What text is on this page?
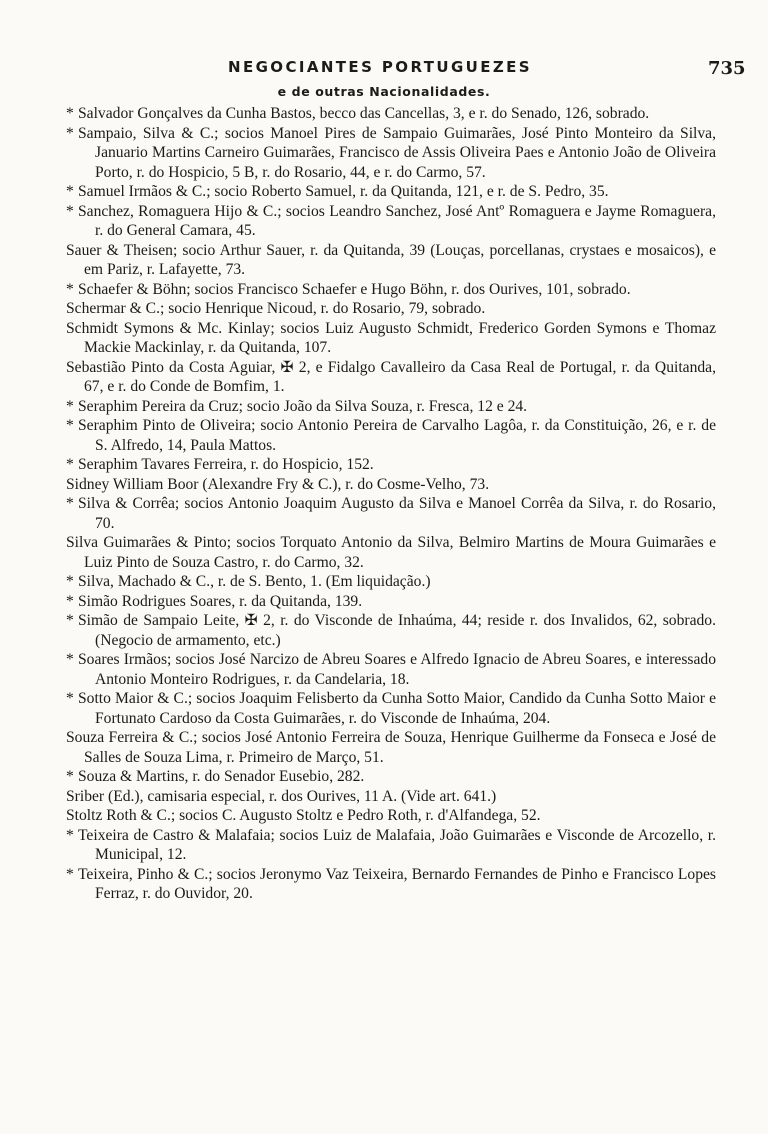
NEGOCIANTES PORTUGUEZES	735
e de outras Nacionalidades.

* Salvador Gonçalves da Cunha Bastos, becco das Cancellas, 3, e r. do Senado, 126, sobrado.

* Sampaio, Silva & C.; socios Manoel Pires de Sampaio Guimarães, José Pinto Monteiro da Silva, Januario Martins Carneiro Guimarães, Francisco de Assis Oliveira Paes e Antonio João de Oliveira Porto, r. do Hospicio, 5 B, r. do Rosario, 44, e r. do Carmo, 57.

* Samuel Irmãos & C.; socio Roberto Samuel, r. da Quitanda, 121, e r. de S. Pedro, 35.

* Sanchez, Romaguera Hijo & C.; socios Leandro Sanchez, José Antº Romaguera e Jayme Romaguera, r. do General Camara, 45.

Sauer & Theisen; socio Arthur Sauer, r. da Quitanda, 39 (Louças, porcellanas, crystaes e mosaicos), e em Pariz, r. Lafayette, 73.

* Schaefer & Böhn; socios Francisco Schaefer e Hugo Böhn, r. dos Ourives, 101, sobrado.

Schermar & C.; socio Henrique Nicoud, r. do Rosario, 79, sobrado.

Schmidt Symons & Mc. Kinlay; socios Luiz Augusto Schmidt, Frederico Gorden Symons e Thomaz Mackie Mackinlay, r. da Quitanda, 107.

Sebastião Pinto da Costa Aguiar, ✠ 2, e Fidalgo Cavalleiro da Casa Real de Portugal, r. da Quitanda, 67, e r. do Conde de Bomfim, 1.

* Seraphim Pereira da Cruz; socio João da Silva Souza, r. Fresca, 12 e 24.

* Seraphim Pinto de Oliveira; socio Antonio Pereira de Carvalho Lagôa, r. da Constituição, 26, e r. de S. Alfredo, 14, Paula Mattos.

* Seraphim Tavares Ferreira, r. do Hospicio, 152.

Sidney William Boor (Alexandre Fry & C.), r. do Cosme-Velho, 73.

* Silva & Corrêa; socios Antonio Joaquim Augusto da Silva e Manoel Corrêa da Silva, r. do Rosario, 70.

Silva Guimarães & Pinto; socios Torquato Antonio da Silva, Belmiro Martins de Moura Guimarães e Luiz Pinto de Souza Castro, r. do Carmo, 32.

* Silva, Machado & C., r. de S. Bento, 1. (Em liquidação.)

* Simão Rodrigues Soares, r. da Quitanda, 139.

* Simão de Sampaio Leite, ✠ 2, r. do Visconde de Inhaúma, 44; reside r. dos Invalidos, 62, sobrado. (Negocio de armamento, etc.)

* Soares Irmãos; socios José Narcizo de Abreu Soares e Alfredo Ignacio de Abreu Soares, e interessado Antonio Monteiro Rodrigues, r. da Candelaria, 18.

* Sotto Maior & C.; socios Joaquim Felisberto da Cunha Sotto Maior, Candido da Cunha Sotto Maior e Fortunato Cardoso da Costa Guimarães, r. do Visconde de Inhaúma, 204.

Souza Ferreira & C.; socios José Antonio Ferreira de Souza, Henrique Guilherme da Fonseca e José de Salles de Souza Lima, r. Primeiro de Março, 51.

* Souza & Martins, r. do Senador Eusebio, 282.

Sriber (Ed.), camisaria especial, r. dos Ourives, 11 A. (Vide art. 641.)

Stoltz Roth & C.; socios C. Augusto Stoltz e Pedro Roth, r. d'Alfandega, 52.

* Teixeira de Castro & Malafaia; socios Luiz de Malafaia, João Guimarães e Visconde de Arcozello, r. Municipal, 12.

* Teixeira, Pinho & C.; socios Jeronymo Vaz Teixeira, Bernardo Fernandes de Pinho e Francisco Lopes Ferraz, r. do Ouvidor, 20.
